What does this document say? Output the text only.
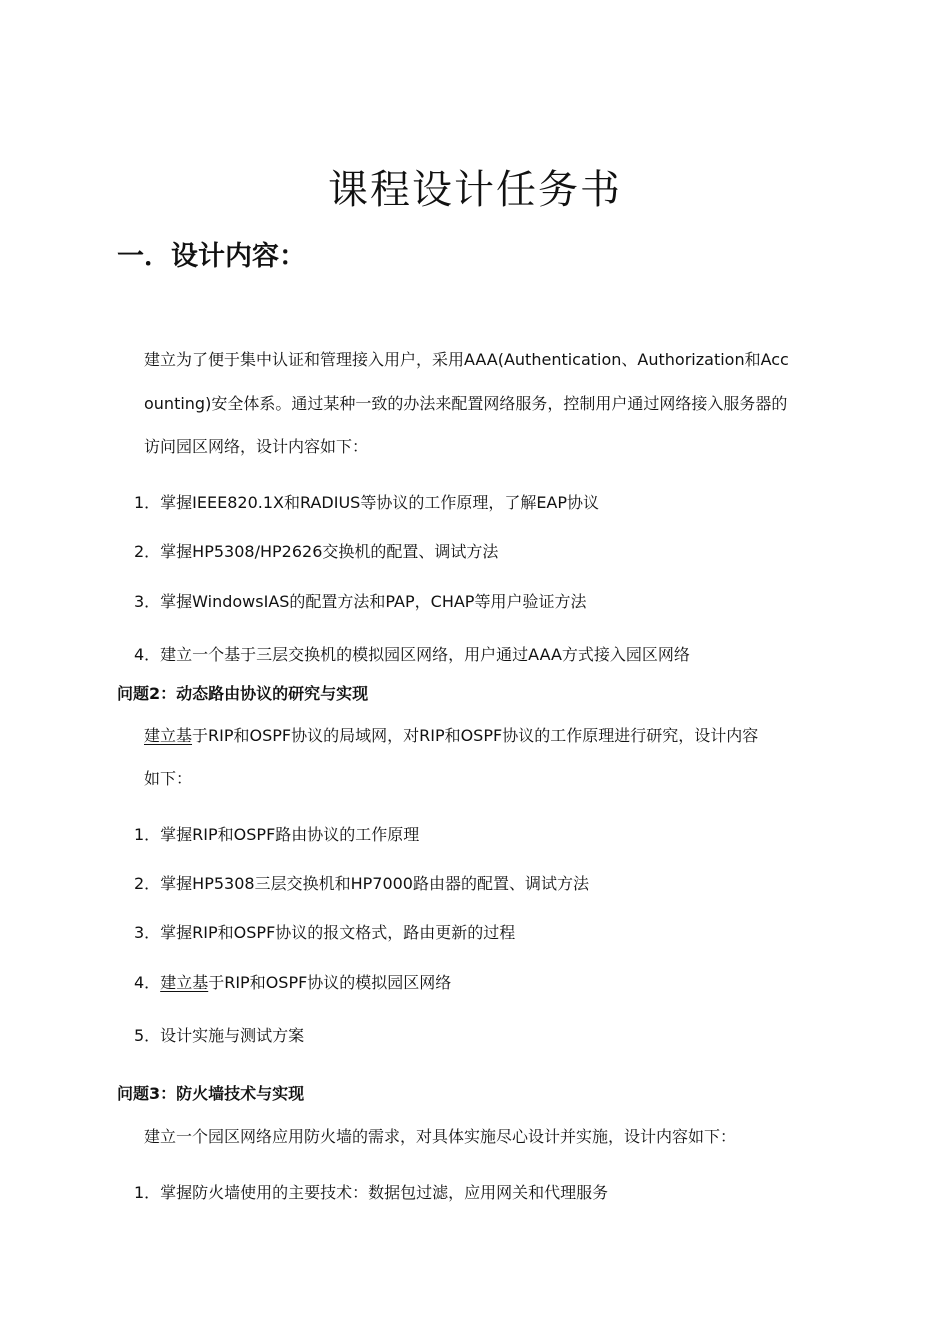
课程设计任务书
一．设计内容：
建立为了便于集中认证和管理接入用户，采用AAA(Authentication、Authorization和Acc
ounting)安全体系。通过某种一致的办法来配置网络服务，控制用户通过网络接入服务器的
访问园区网络，设计内容如下：
1．掌握IEEE820.1X和RADIUS等协议的工作原理，了解EAP协议
2．掌握HP5308/HP2626交换机的配置、调试方法
3．掌握WindowsIAS的配置方法和PAP，CHAP等用户验证方法
4．建立一个基于三层交换机的模拟园区网络，用户通过AAA方式接入园区网络
问题2：动态路由协议的研究与实现
建立基于RIP和OSPF协议的局域网，对RIP和OSPF协议的工作原理进行研究，设计内容
如下：
1．掌握RIP和OSPF路由协议的工作原理
2．掌握HP5308三层交换机和HP7000路由器的配置、调试方法
3．掌握RIP和OSPF协议的报文格式，路由更新的过程
4．建立基于RIP和OSPF协议的模拟园区网络
5．设计实施与测试方案
问题3：防火墙技术与实现
建立一个园区网络应用防火墙的需求，对具体实施尽心设计并实施，设计内容如下：
1．掌握防火墙使用的主要技术：数据包过滤，应用网关和代理服务
